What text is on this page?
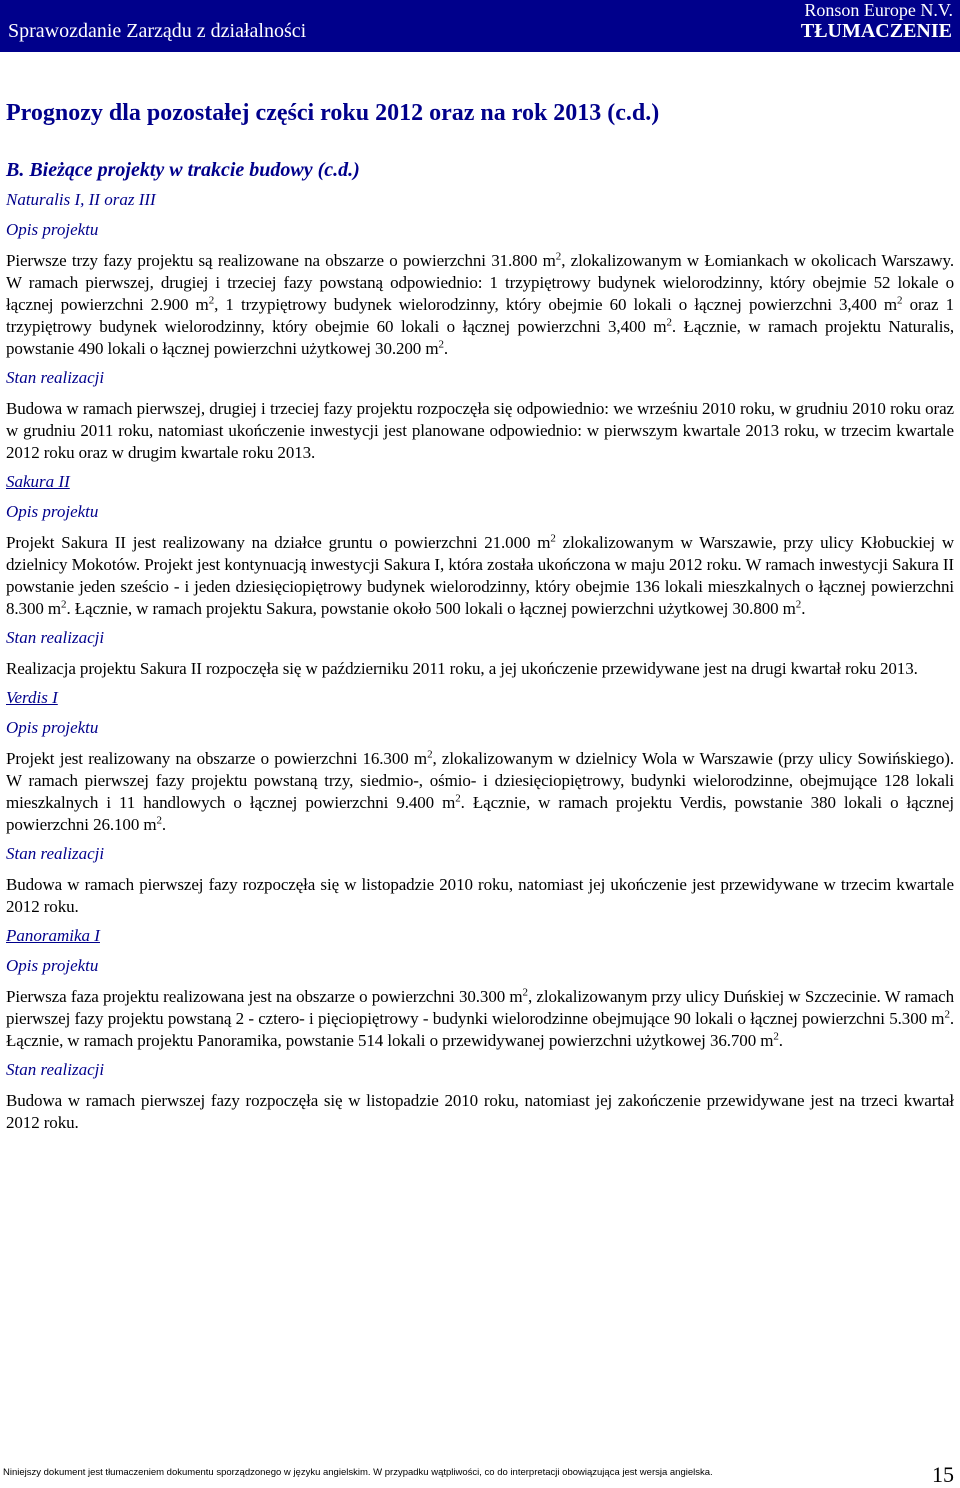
Sprawozdanie Zarządu z działalności
Ronson Europe N.V.
TŁUMACZENIE
Prognozy dla pozostałej części roku 2012 oraz na rok 2013 (c.d.)
B. Bieżące projekty w trakcie budowy (c.d.)
Naturalis I, II oraz III
Opis projektu

Pierwsze trzy fazy projektu są realizowane na obszarze o powierzchni 31.800 $m^2$, zlokalizowanym w Łomiankach w okolicach Warszawy. W ramach pierwszej, drugiej i trzeciej fazy powstaną odpowiednio: 1 trzypiętrowy budynek wielorodzinny, który obejmie 52 lokale o łącznej powierzchni 2.900 $m^2$, 1 trzypiętrowy budynek wielorodzinny, który obejmie 60 lokali o łącznej powierzchni 3,400 $m^2$ oraz 1 trzypiętrowy budynek wielorodzinny, który obejmie 60 lokali o łącznej powierzchni 3,400 $m^2$. Łącznie, w ramach projektu Naturalis, powstanie 490 lokali o łącznej powierzchni użytkowej 30.200 $m^2$.

Stan realizacji

Budowa w ramach pierwszej, drugiej i trzeciej fazy projektu rozpoczęła się odpowiednio: we wrześniu 2010 roku, w grudniu 2010 roku oraz w grudniu 2011 roku, natomiast ukończenie inwestycji jest planowane odpowiednio: w pierwszym kwartale 2013 roku, w trzecim kwartale 2012 roku oraz w drugim kwartale roku 2013.

Sakura II
Opis projektu

Projekt Sakura II jest realizowany na działce gruntu o powierzchni 21.000 $m^2$ zlokalizowanym w Warszawie, przy ulicy Kłobuckiej w dzielnicy Mokotów. Projekt jest kontynuacją inwestycji Sakura I, która została ukończona w maju 2012 roku. W ramach inwestycji Sakura II powstanie jeden sześcio - i jeden dziesięciopiętrowy budynek wielorodzinny, który obejmie 136 lokali mieszkalnych o łącznej powierzchni 8.300 $m^2$. Łącznie, w ramach projektu Sakura, powstanie około 500 lokali o łącznej powierzchni użytkowej 30.800 $m^2$.

Stan realizacji

Realizacja projektu Sakura II rozpoczęła się w październiku 2011 roku, a jej ukończenie przewidywane jest na drugi kwartał roku 2013.

Verdis I
Opis projektu

Projekt jest realizowany na obszarze o powierzchni 16.300 $m^2$, zlokalizowanym w dzielnicy Wola w Warszawie (przy ulicy Sowińskiego). W ramach pierwszej fazy projektu powstaną trzy, siedmio-, ośmio- i dziesięciopiętrowy, budynki wielorodzinne, obejmujące 128 lokali mieszkalnych i 11 handlowych o łącznej powierzchni 9.400 $m^2$. Łącznie, w ramach projektu Verdis, powstanie 380 lokali o łącznej powierzchni 26.100 $m^2$.

Stan realizacji

Budowa w ramach pierwszej fazy rozpoczęła się w listopadzie 2010 roku, natomiast jej ukończenie jest przewidywane w trzecim kwartale 2012 roku.

Panoramika I
Opis projektu

Pierwsza faza projektu realizowana jest na obszarze o powierzchni 30.300 $m^2$, zlokalizowanym przy ulicy Duńskiej w Szczecinie. W ramach pierwszej fazy projektu powstaną 2 - cztero- i pięciopiętrowy - budynki wielorodzinne obejmujące 90 lokali o łącznej powierzchni 5.300 $m^2$. Łącznie, w ramach projektu Panoramika, powstanie 514 lokali o przewidywanej powierzchni użytkowej 36.700 $m^2$.

Stan realizacji

Budowa w ramach pierwszej fazy rozpoczęła się w listopadzie 2010 roku, natomiast jej zakończenie przewidywane jest na trzeci kwartał 2012 roku.

Niniejszy dokument jest tłumaczeniem dokumentu sporządzonego w języku angielskim. W przypadku wątpliwości, co do interpretacji obowiązująca jest wersja angielska.	15
